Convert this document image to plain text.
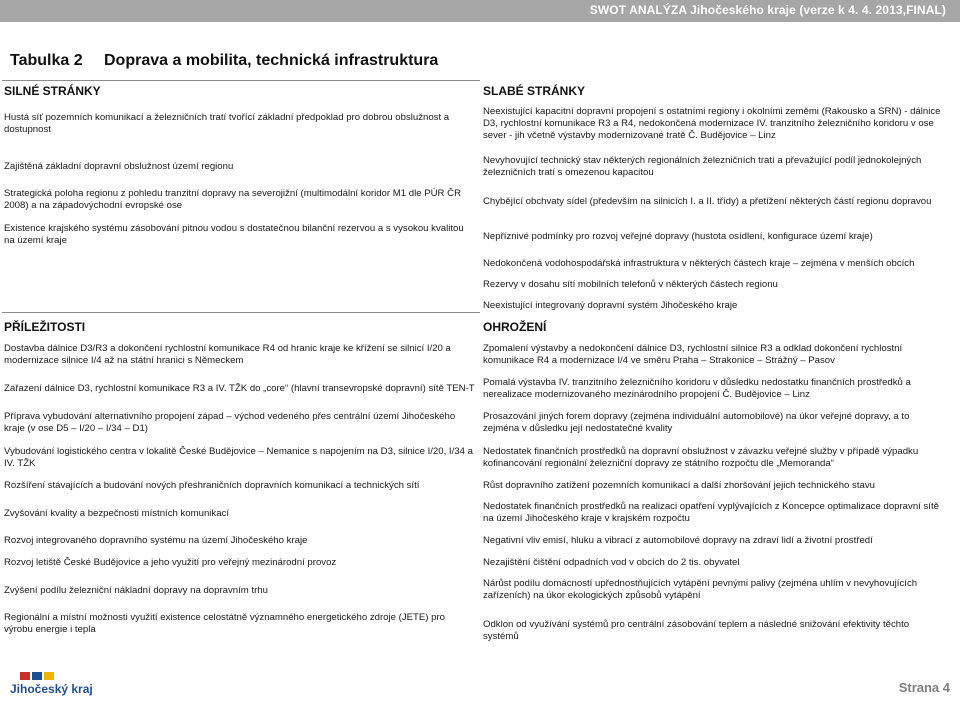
SWOT ANALÝZA Jihočeského kraje (verze k 4. 4. 2013,FINAL)
Tabulka 2 Doprava a mobilita, technická infrastruktura
SILNÉ STRÁNKY
Hustá síť pozemních komunikací a železničních tratí tvořící základní předpoklad pro dobrou obslužnost a dostupnost
Zajištěná základní dopravní obslužnost území regionu
Strategická poloha regionu z pohledu tranzitní dopravy na severojižní (multimodální koridor M1 dle PÚR ČR 2008) a na západovýchodní evropské ose
Existence krajského systému zásobování pitnou vodou s dostatečnou bilanční rezervou a s vysokou kvalitou na území kraje
SLABÉ STRÁNKY
Neexistující kapacitní dopravní propojení s ostatními regiony i okolními zeměmi (Rakousko a SRN) - dálnice D3, rychlostní komunikace R3 a R4, nedokončená modernizace IV. tranzitního železničního koridoru v ose sever - jih včetně výstavby modernizované tratě Č. Budějovice – Linz
Nevyhovující technický stav některých regionálních železničních tratí a převažující podíl jednokolejných železničních tratí s omezenou kapacitou
Chybějící obchvaty sídel (především na silnicích I. a II. třídy) a přetížení některých částí regionu dopravou
Nepříznivé podmínky pro rozvoj veřejné dopravy (hustota osídlení, konfigurace území kraje)
Nedokončená vodohospodářská infrastruktura v některých částech kraje – zejména v menších obcích
Rezervy v dosahu sítí mobilních telefonů v některých částech regionu
Neexistující integrovaný dopravní systém Jihočeského kraje
PŘÍLEŽITOSTI
Dostavba dálnice D3/R3 a dokončení rychlostní komunikace R4 od hranic kraje ke křížení se silnicí I/20 a modernizace silnice I/4 až na státní hranici s Německem
Zařazení dálnice D3, rychlostní komunikace R3 a IV. TŽK do „core“ (hlavní transevropské dopravní) sítě TEN-T
Příprava vybudování alternativního propojení západ – východ vedeného přes centrální území Jihočeského kraje (v ose D5 – I/20 – I/34 – D1)
Vybudování logistického centra v lokalitě České Budějovice – Nemanice s napojením na D3, silnice I/20, I/34 a IV. TŽK
Rozšíření stávajících a budování nových přeshraničních dopravních komunikací a technických sítí
Zvyšování kvality a bezpečnosti místních komunikací
Rozvoj integrovaného dopravního systému na území Jihočeského kraje
Rozvoj letiště České Budějovice a jeho využití pro veřejný mezinárodní provoz
Zvýšení podílu železniční nákladní dopravy na dopravním trhu
Regionální a místní možnosti využití existence celostátně významného energetického zdroje (JETE) pro výrobu energie i tepla
OHROŽENÍ
Zpomalení výstavby a nedokončení dálnice D3, rychlostní silnice R3 a odklad dokončení rychlostní komunikace R4 a modernizace I/4 ve směru Praha – Strakonice – Strážný – Pasov
Pomalá výstavba IV. tranzitního železničního koridoru v důsledku nedostatku finančních prostředků a nerealizace modernizovaného mezinárodního propojení Č. Budějovice – Linz
Prosazování jiných forem dopravy (zejména individuální automobilové) na úkor veřejné dopravy, a to zejména v důsledku její nedostatečné kvality
Nedostatek finančních prostředků na dopravní obslužnost v závazku veřejné služby v případě výpadku kofinancování regionální železniční dopravy ze státního rozpočtu dle „Memoranda“
Růst dopravního zatížení pozemních komunikací a další zhoršování jejich technického stavu
Nedostatek finančních prostředků na realizaci opatření vyplývajících z Koncepce optimalizace dopravní sítě na území Jihočeského kraje v krajském rozpočtu
Negativní vliv emisí, hluku a vibrací z automobilové dopravy na zdraví lidí a životní prostředí
Nezajištění čištění odpadních vod v obcích do 2 tis. obyvatel
Nárůst podílu domácností upřednostňujících vytápění pevnými palivy (zejména uhlím v nevyhovujících zařízeních) na úkor ekologických způsobů vytápění
Odklon od využívání systémů pro centrální zásobování teplem a následné snižování efektivity těchto systémů
Jihočeský kraj	Strana 4
